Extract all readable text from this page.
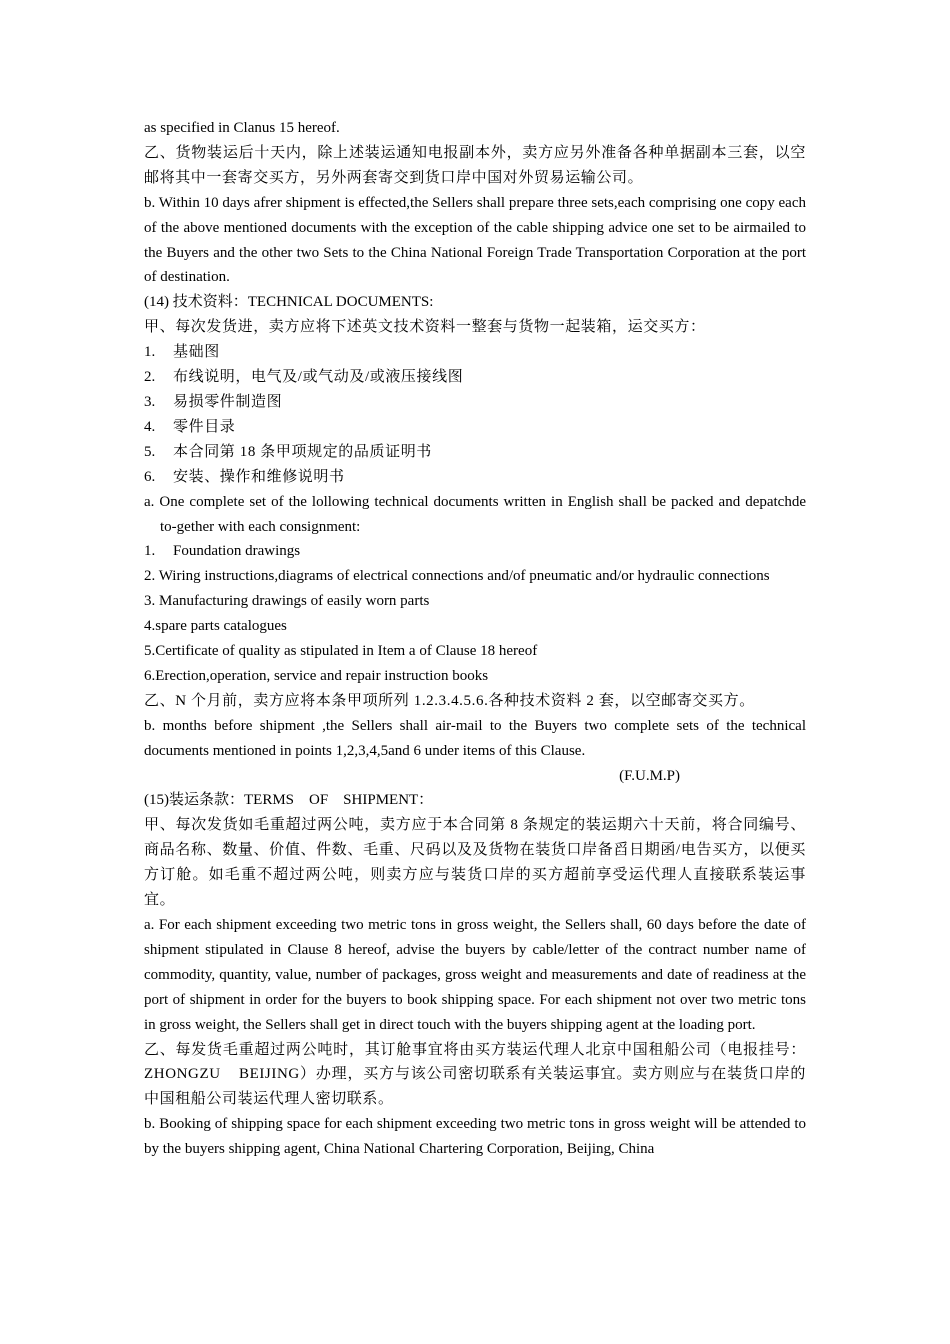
as specified in Clanus 15 hereof.

乙、货物装运后十天内，除上述装运通知电报副本外，卖方应另外准备各种单据副本三套，以空邮将其中一套寄交买方，另外两套寄交到货口岸中国对外贸易运输公司。

b. Within 10 days afrer shipment is effected,the Sellers shall prepare three sets,each comprising one copy each of the above mentioned documents with the exception of the cable shipping advice one set to be airmailed to the Buyers and the other two Sets to the China National Foreign Trade Transportation Corporation at the port of destination.

(14) 技术资料：TECHNICAL DOCUMENTS:

甲、每次发货进，卖方应将下述英文技术资料一整套与货物一起装箱，运交买方：

1.	基础图
2.	布线说明，电气及/或气动及/或液压接线图
3.	易损零件制造图
4.	零件目录
5.	本合同第 18 条甲项规定的品质证明书
6.	安装、操作和维修说明书

a. One complete set of the lollowing technical documents written in English shall be packed and depatchde to-gether with each consignment:

1.	Foundation drawings

2. Wiring instructions,diagrams of electrical connections and/of pneumatic and/or hydraulic connections

3. Manufacturing drawings of easily worn parts

4.spare parts catalogues

5.Certificate of quality as stipulated in Item a of Clause 18 hereof

6.Erection,operation, service and repair instruction books

乙、N 个月前，卖方应将本条甲项所列 1.2.3.4.5.6.各种技术资料 2 套，以空邮寄交买方。

b. months before shipment ,the Sellers shall air-mail to the Buyers two complete sets of the technical documents mentioned in points 1,2,3,4,5and 6 under items of this Clause.

(F.U.M.P)

(15)装运条款：TERMS    OF    SHIPMENT：

甲、每次发货如毛重超过两公吨，卖方应于本合同第 8 条规定的装运期六十天前，将合同编号、商品名称、数量、价值、件数、毛重、尺码以及及货物在装货口岸备舀日期函/电告买方，以便买方订舱。如毛重不超过两公吨，则卖方应与装货口岸的买方超前享受运代理人直接联系装运事宜。

a. For each shipment exceeding two metric tons in gross weight, the Sellers shall, 60 days before the date of shipment stipulated in Clause 8 hereof, advise the buyers by cable/letter of the contract number name of commodity, quantity, value, number of packages, gross weight and measurements and date of readiness at the port of shipment in order for the buyers to book shipping space. For each shipment not over two metric tons in gross weight, the Sellers shall get in direct touch with the buyers shipping agent at the loading port.

乙、每发货毛重超过两公吨时，其订舱事宜将由买方装运代理人北京中国租船公司（电报挂号：ZHONGZU    BEIJING）办理，买方与该公司密切联系有关装运事宜。卖方则应与在装货口岸的中国租船公司装运代理人密切联系。

b. Booking of shipping space for each shipment exceeding two metric tons in gross weight will be attended to by the buyers shipping agent, China National Chartering Corporation, Beijing, China
